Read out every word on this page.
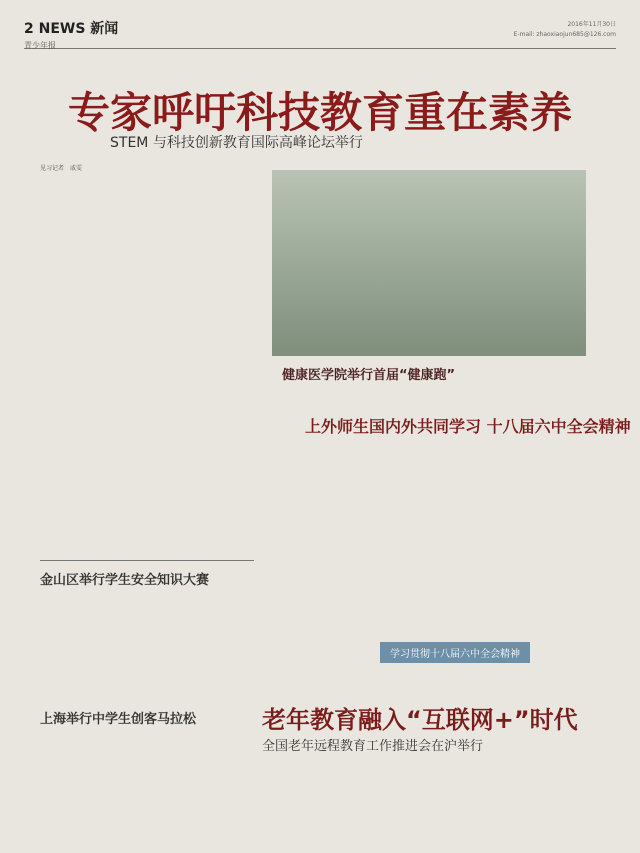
2 NEWS 新闻
青少年报
2016年11月30日
E-mail: zhaoxiaojun685@126.com
专家呼吁科技教育重在素养
STEM 与科技创新教育国际高峰论坛举行
见习记者　戚雯
健康医学院举行首届“健康跑”
上外师生国内外共同学习 十八届六中全会精神
学习贯彻十八届六中全会精神
金山区举行学生安全知识大赛
上海举行中学生创客马拉松	老年教育融入“互联网+”时代
全国老年远程教育工作推进会在沪举行
